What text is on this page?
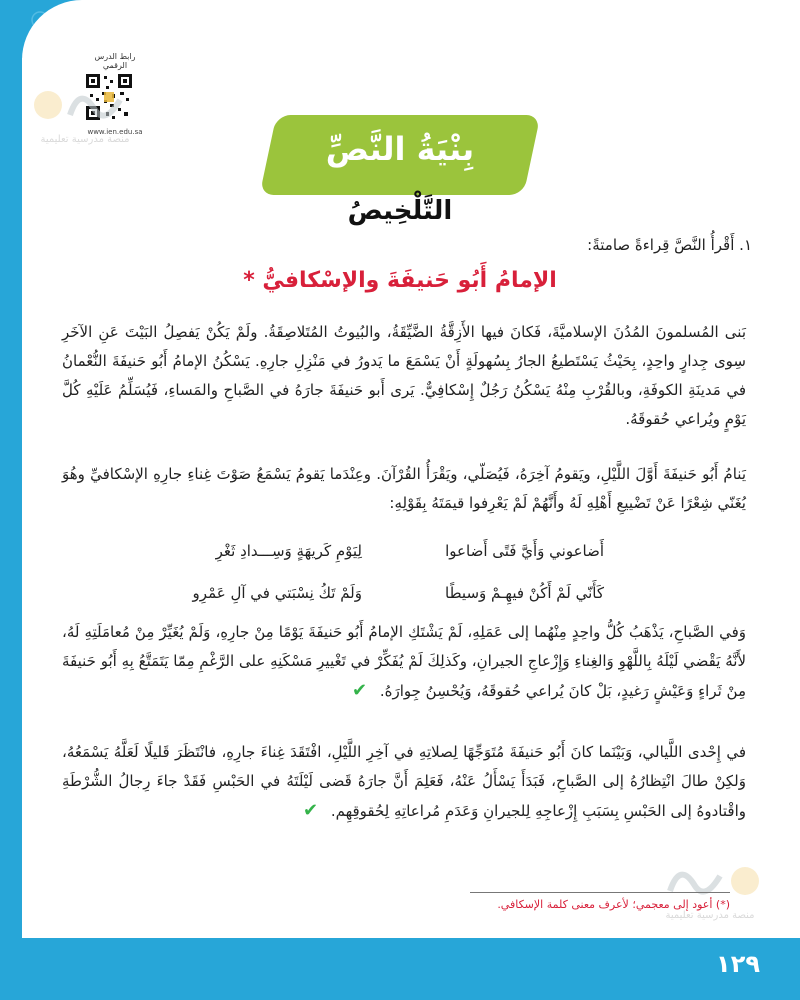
رابط الدرس الرقمي
www.ien.edu.sa
منصة مدرسية تعليمية
منصة مدرسية تعليمية
بِنْيَةُ النَّصِّ
التَّلْخِيصُ
١. أَقْرأُ النَّصَّ قِراءةً صامتةً:
الإمامُ أَبُو حَنيفَةَ والإسْكافيُّ *
بَنى المُسلمونَ المُدُنَ الإسلاميَّةَ، فَكانَ فيها الأَزِقَّةُ الضَّيِّقَةُ، والبُيوتُ المُتَلاصِقَةُ. ولَمْ يَكُنْ يَفصِلُ البَيْتَ عَنِ الآخَرِ سِوى جِدارٍ واحِدٍ، بِحَيْثُ يَسْتَطيعُ الجارُ بِسُهولَةٍ أَنْ يَسْمَعَ ما يَدورُ في مَنْزِلِ جارِهِ. يَسْكُنُ الإمامُ أَبُو حَنيفَةَ النُّعْمانُ في مَدينَةِ الكوفَةِ، وبالقُرْبِ مِنْهُ يَسْكُنُ رَجُلٌ إِسْكافِيٌّ. يَرى أَبو حَنيفَةَ جارَهُ في الصَّباحِ والمَساءِ، فَيُسَلِّمُ عَلَيْهِ كُلَّ يَوْمٍ ويُراعي حُقوقَهُ.
يَنامُ أَبُو حَنيفَةَ أَوَّلَ اللَّيْلِ، ويَقومُ آخِرَهُ، فَيُصَلّي، ويَقْرَأُ القُرْآنَ. وعِنْدَما يَقومُ يَسْمَعُ صَوْتَ غِناءِ جارِهِ الإسْكافيِّ وهُوَ يُغَنّي شِعْرًا عَنْ تَضْييعِ أَهْلِهِ لَهُ وأَنَّهُمْ لَمْ يَعْرِفوا قيمَتَهُ بِقَوْلِهِ:
أَضاعوني وَأَيَّ فَتًى أَضاعوا
لِيَوْمِ كَريهَةٍ وَسِـــدادِ ثَغْرِ
كَأَنّي لَمْ أَكُنْ فيهِـمْ وَسيطًا
وَلَمْ تَكُ نِسْبَتي في آلِ عَمْرِو
وَفي الصَّباحِ، يَذْهَبُ كُلُّ واحِدٍ مِنْهُما إلى عَمَلِهِ، لَمْ يَشْتَكِ الإمامُ أَبُو حَنيفَةَ يَوْمًا مِنْ جارِهِ، وَلَمْ يُغَيِّرْ مِنْ مُعامَلَتِهِ لَهُ، لأَنَّهُ يَقْضي لَيْلَهُ بِاللَّهْوِ وَالغِناءِ وَإِزْعاجِ الجيرانِ، وكَذلِكَ لَمْ يُفَكِّرْ في تَغْييرِ مَسْكَنِهِ على الرَّغْمِ مِمّا يَتَمَتَّعُ بِهِ أَبُو حَنيفَةَ مِنْ ثَراءٍ وَعَيْشٍ رَغيدٍ، بَلْ كانَ يُراعي حُقوقَهُ، وَيُحْسِنُ جِوارَهُ. ✔
في إِحْدى اللَّيالي، وَبَيْنَما كانَ أَبُو حَنيفَةَ مُتَوَجِّهًا لِصلاتِهِ في آخِرِ اللَّيْلِ، افْتَقَدَ غِناءَ جارِهِ، فانْتَظَرَ قَليلًا لَعَلَّهُ يَسْمَعُهُ، وَلكِنْ طالَ انْتِظارُهُ إلى الصَّباحِ، فَبَدَأَ يَسْأَلُ عَنْهُ، فَعَلِمَ أَنَّ جارَهُ قَضى لَيْلَتَهُ في الحَبْسِ فَقَدْ جاءَ رِجالُ الشُّرْطَةِ واقْتادوهُ إلى الحَبْسِ بِسَبَبِ إِزْعاجِهِ لِلجيرانِ وَعَدَمِ مُراعاتِهِ لِحُقوقِهِم. ✔
(*) أعود إلى معجمي؛ لأعرف معنى كلمة الإسكافي.
١٢٩
